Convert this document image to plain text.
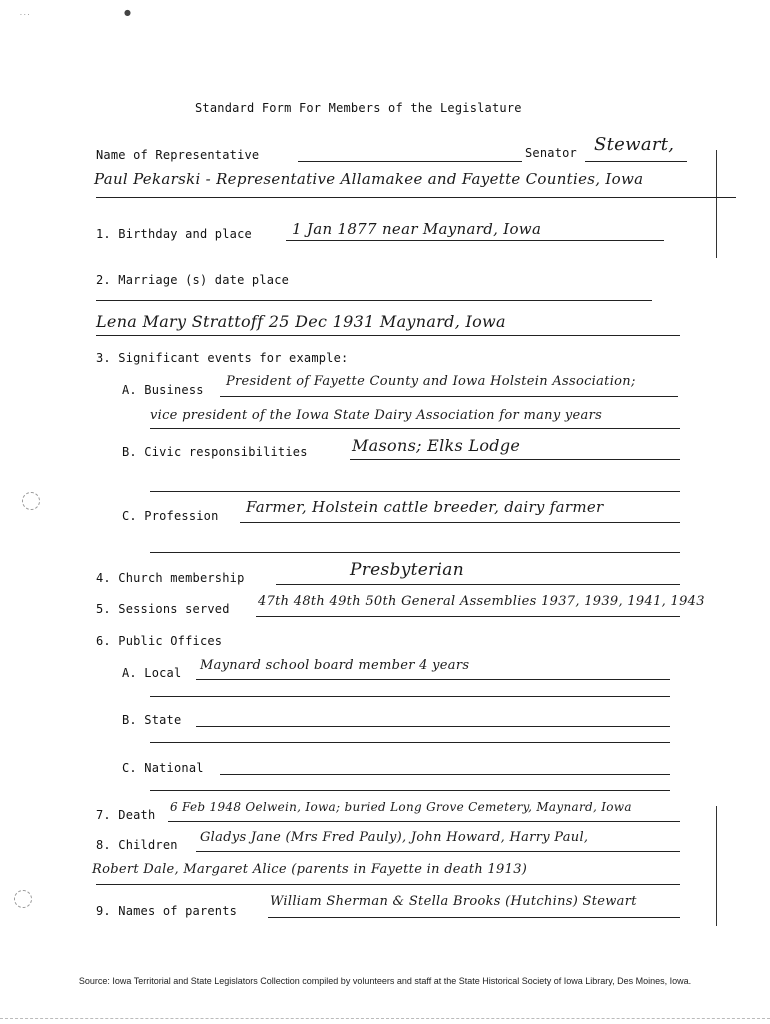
●
· · ·
Standard Form For Members of the Legislature
Name of Representative	Senator Stewart,
Paul Pekarski - Representative Allamakee and Fayette Counties, Iowa
1. Birthday and place	1 Jan 1877 near Maynard, Iowa
2. Marriage (s) date place
Lena Mary Strattoff 25 Dec 1931 Maynard, Iowa
3. Significant events for example:
A. Business
President of Fayette County and Iowa Holstein Association;
vice president of the Iowa State Dairy Association for many years
B. Civic responsibilities	Masons; Elks Lodge
C. Profession Farmer, Holstein cattle breeder, dairy farmer
4. Church membership	Presbyterian
5. Sessions served 47th 48th 49th 50th General Assemblies 1937, 1939, 1941, 1943
6. Public Offices
A. Local Maynard school board member 4 years
B. State
C. National
7. Death
6 Feb 1948 Oelwein, Iowa; buried Long Grove Cemetery, Maynard, Iowa
8. Children Gladys Jane (Mrs Fred Pauly), John Howard, Harry Paul,
Robert Dale, Margaret Alice (parents in Fayette in death 1913)
9. Names of parents
William Sherman & Stella Brooks (Hutchins) Stewart
Source: Iowa Territorial and State Legislators Collection compiled by volunteers and staff at the State Historical Society of Iowa Library, Des Moines, Iowa.
